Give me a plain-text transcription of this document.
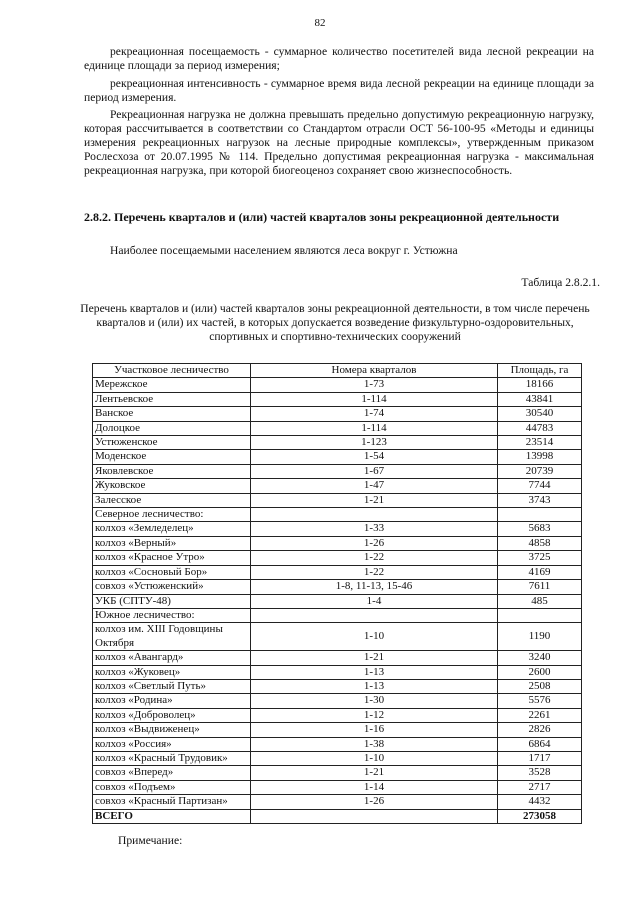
82

рекреационная посещаемость - суммарное количество посетителей вида лесной рекреации на единице площади за период измерения;

рекреационная интенсивность - суммарное время вида лесной рекреации на единице площади за период измерения.

Рекреационная нагрузка не должна превышать предельно допустимую рекреационную нагрузку, которая рассчитывается в соответствии со Стандартом отрасли ОСТ 56-100-95 «Методы и единицы измерения рекреационных нагрузок на лесные природные комплексы», утвержденным приказом Рослесхоза от 20.07.1995 № 114. Предельно допустимая рекреационная нагрузка - максимальная рекреационная нагрузка, при которой биогеоценоз сохраняет свою жизнеспособность.

2.8.2. Перечень кварталов и (или) частей кварталов зоны рекреационной деятельности
Наиболее посещаемыми населением являются леса вокруг г. Устюжна
Таблица 2.8.2.1.

Перечень кварталов и (или) частей кварталов зоны рекреационной деятельности, в том числе перечень кварталов и (или) их частей, в которых допускается возведение физкультурно-оздоровительных, спортивных и спортивно-технических сооружений

Участковое лесничество	Номера кварталов	Площадь, га
Мережское	1-73	18166
Лентьевское	1-114	43841
Ванское	1-74	30540
Долоцкое	1-114	44783
Устюженское	1-123	23514
Моденское	1-54	13998
Яковлевское	1-67	20739
Жуковское	1-47	7744
Залесское	1-21	3743
Северное лесничество:		
колхоз «Земледелец»	1-33	5683
колхоз «Верный»	1-26	4858
колхоз «Красное Утро»	1-22	3725
колхоз «Сосновый Бор»	1-22	4169
совхоз «Устюженский»	1-8, 11-13, 15-46	7611
УКБ (СПТУ-48)	1-4	485
Южное лесничество:		
колхоз им. XIII Годовщины Октября	1-10	1190
колхоз «Авангард»	1-21	3240
колхоз «Жуковец»	1-13	2600
колхоз «Светлый Путь»	1-13	2508
колхоз «Родина»	1-30	5576
колхоз «Доброволец»	1-12	2261
колхоз «Выдвиженец»	1-16	2826
колхоз «Россия»	1-38	6864
колхоз «Красный Трудовик»	1-10	1717
совхоз «Вперед»	1-21	3528
совхоз «Подъем»	1-14	2717
совхоз «Красный Партизан»	1-26	4432
ВСЕГО		273058
Примечание:
